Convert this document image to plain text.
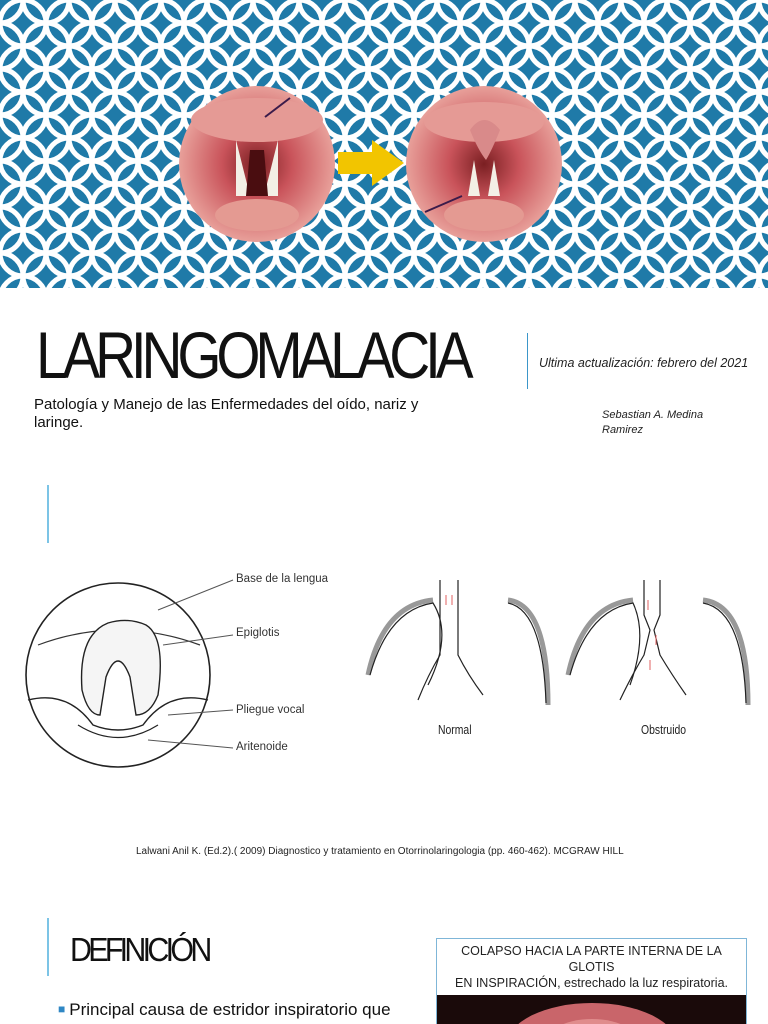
LARINGOMALACIA
Patología y Manejo de las Enfermedades del oído, nariz y laringe.
Ultima actualización: febrero del 2021
Sebastian A. Medina Ramirez
Base de la lengua
Epiglotis
Pliegue vocal
Aritenoide
Normal	Obstruido
Lalwani Anil K. (Ed.2).( 2009) Diagnostico y tratamiento en Otorrinolaringologia (pp. 460-462). MCGRAW HILL
DEFINICIÓN
■ Principal causa de estridor inspiratorio que
COLAPSO HACIA LA PARTE INTERNA DE LA GLOTIS
EN INSPIRACIÓN, estrechado la luz respiratoria.
